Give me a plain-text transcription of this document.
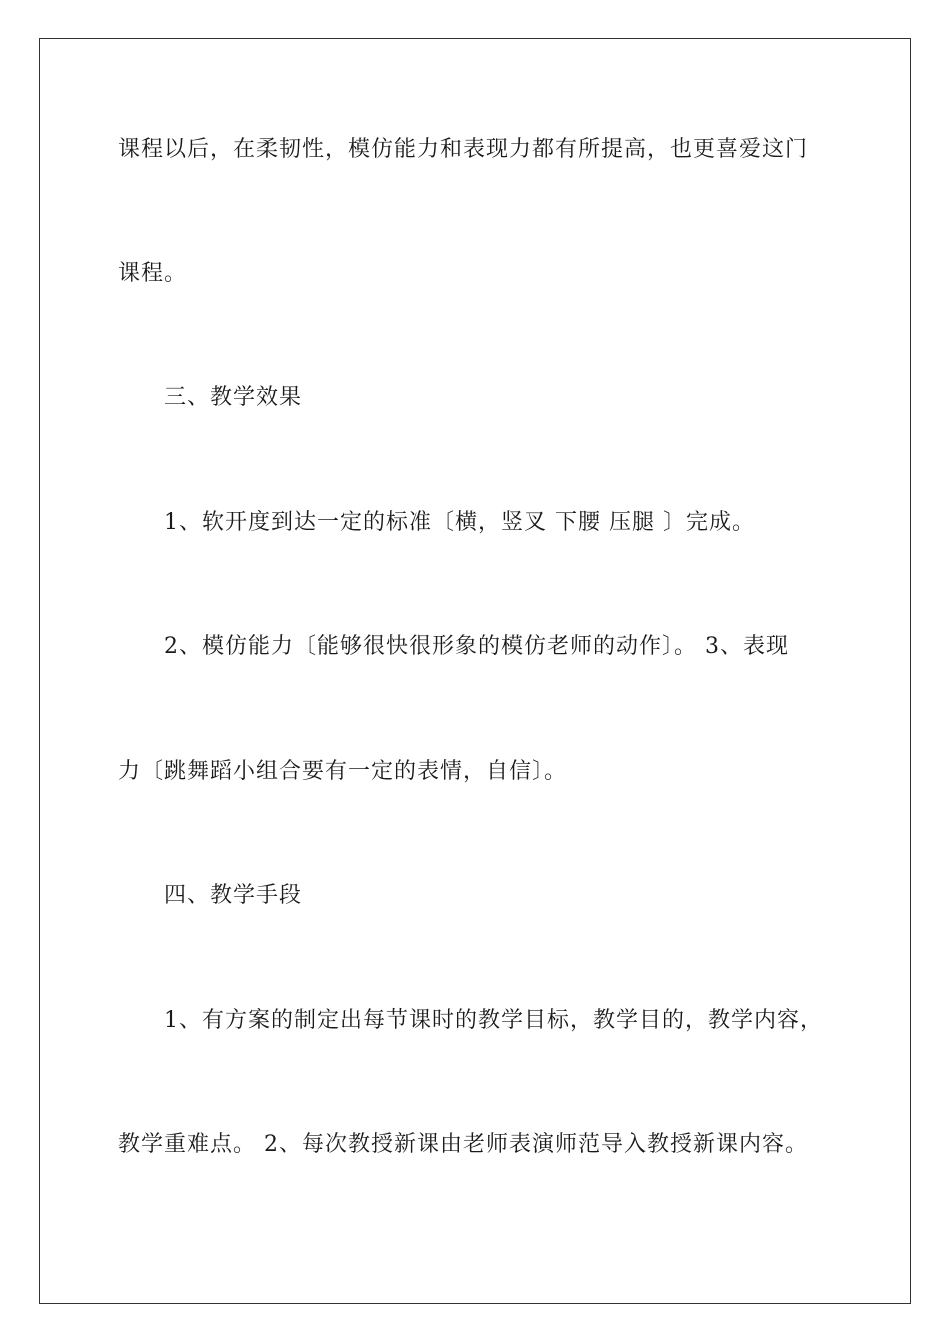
课程以后，在柔韧性，模仿能力和表现力都有所提高，也更喜爱这门
课程。
三、教学效果
1、软开度到达一定的标准〔横，竖叉 下腰 压腿 〕完成。
2、模仿能力〔能够很快很形象的模仿老师的动作〕。 3、表现
力〔跳舞蹈小组合要有一定的表情，自信〕。
四、教学手段
1、有方案的制定出每节课时的教学目标，教学目的，教学内容，
教学重难点。 2、每次教授新课由老师表演师范导入教授新课内容。
